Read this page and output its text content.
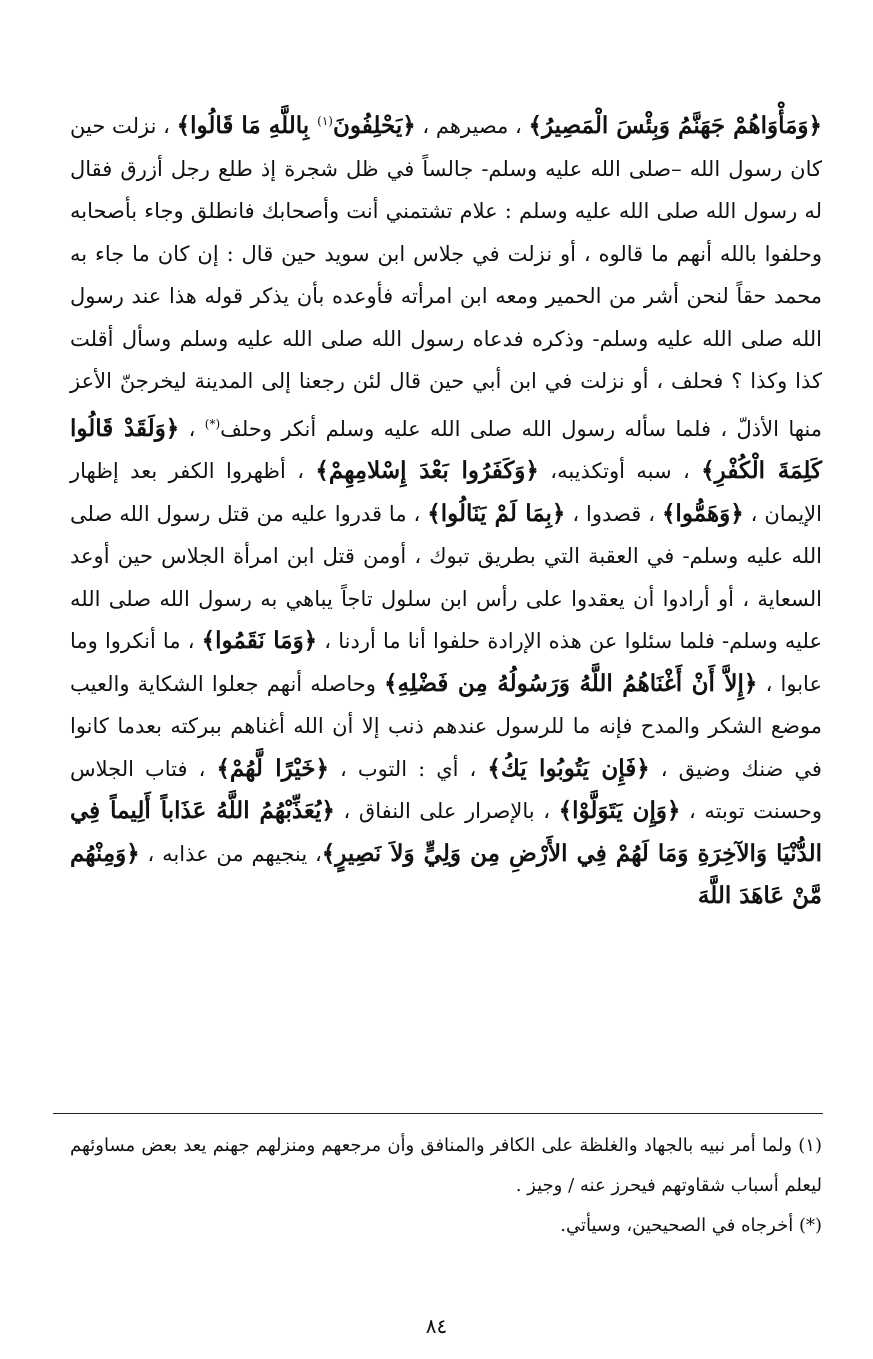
﴿وَمَأْوَاهُمْ جَهَنَّمُ وَبِئْسَ الْمَصِيرُ﴾ ، مصيرهم ، ﴿يَحْلِفُونَ$^{(١)}$ بِاللَّهِ مَا قَالُوا﴾ ، نزلت حين كان رسول الله –صلى الله عليه وسلم- جالساً في ظل شجرة إذ طلع رجل أزرق فقال له رسول الله صلى الله عليه وسلم : علام تشتمني أنت وأصحابك فانطلق وجاء بأصحابه وحلفوا بالله أنهم ما قالوه ، أو نزلت في جلاس ابن سويد حين قال : إن كان ما جاء به محمد حقاً لنحن أشر من الحمير ومعه ابن امرأته فأوعده بأن يذكر قوله هذا عند رسول الله صلى الله عليه وسلم- وذكره فدعاه رسول الله صلى الله عليه وسلم وسأل أقلت كذا وكذا ؟ فحلف ، أو نزلت في ابن أبي حين قال لئن رجعنا إلى المدينة ليخرجنّ الأعز منها الأذلّ ، فلما سأله رسول الله صلى الله عليه وسلم أنكر وحلف(*) ، ﴿وَلَقَدْ قَالُوا كَلِمَةَ الْكُفْرِ﴾ ، سبه أوتكذيبه، ﴿وَكَفَرُوا بَعْدَ إِسْلامِهِمْ﴾ ، أظهروا الكفر بعد إظهار الإيمان ، ﴿وَهَمُّوا﴾ ، قصدوا ، ﴿بِمَا لَمْ يَنَالُوا﴾ ، ما قدروا عليه من قتل رسول الله صلى الله عليه وسلم- في العقبة التي بطريق تبوك ، أومن قتل ابن امرأة الجلاس حين أوعد السعاية ، أو أرادوا أن يعقدوا على رأس ابن سلول تاجاً يباهي به رسول الله صلى الله عليه وسلم- فلما سئلوا عن هذه الإرادة حلفوا أنا ما أردنا ، ﴿وَمَا نَقَمُوا﴾ ، ما أنكروا وما عابوا ، ﴿إِلاَّ أَنْ أَغْنَاهُمُ اللَّهُ وَرَسُولُهُ مِن فَضْلِهِ﴾ وحاصله أنهم جعلوا الشكاية والعيب موضع الشكر والمدح فإنه ما للرسول عندهم ذنب إلا أن الله أغناهم ببركته بعدما كانوا في ضنك وضيق ، ﴿فَإِن يَتُوبُوا يَكُ﴾ ، أي : التوب ، ﴿خَيْرًا لَّهُمْ﴾ ، فتاب الجلاس وحسنت توبته ، ﴿وَإِن يَتَوَلَّوْا﴾ ، بالإصرار على النفاق ، ﴿يُعَذِّبْهُمُ اللَّهُ عَذَاباً أَلِيماً فِي الدُّنْيَا وَالآخِرَةِ وَمَا لَهُمْ فِي الأَرْضِ مِن وَلِيٍّ وَلاَ نَصِيرٍ﴾، ينجيهم من عذابه ، ﴿وَمِنْهُم مَّنْ عَاهَدَ اللَّهَ

(١) ولما أمر نبيه بالجهاد والغلظة على الكافر والمنافق وأن مرجعهم ومنزلهم جهنم يعد بعض مساوئهم ليعلم أسباب شقاوتهم فيحرز عنه / وجيز .

(*) أخرجاه في الصحيحين، وسيأتي.

٨٤
